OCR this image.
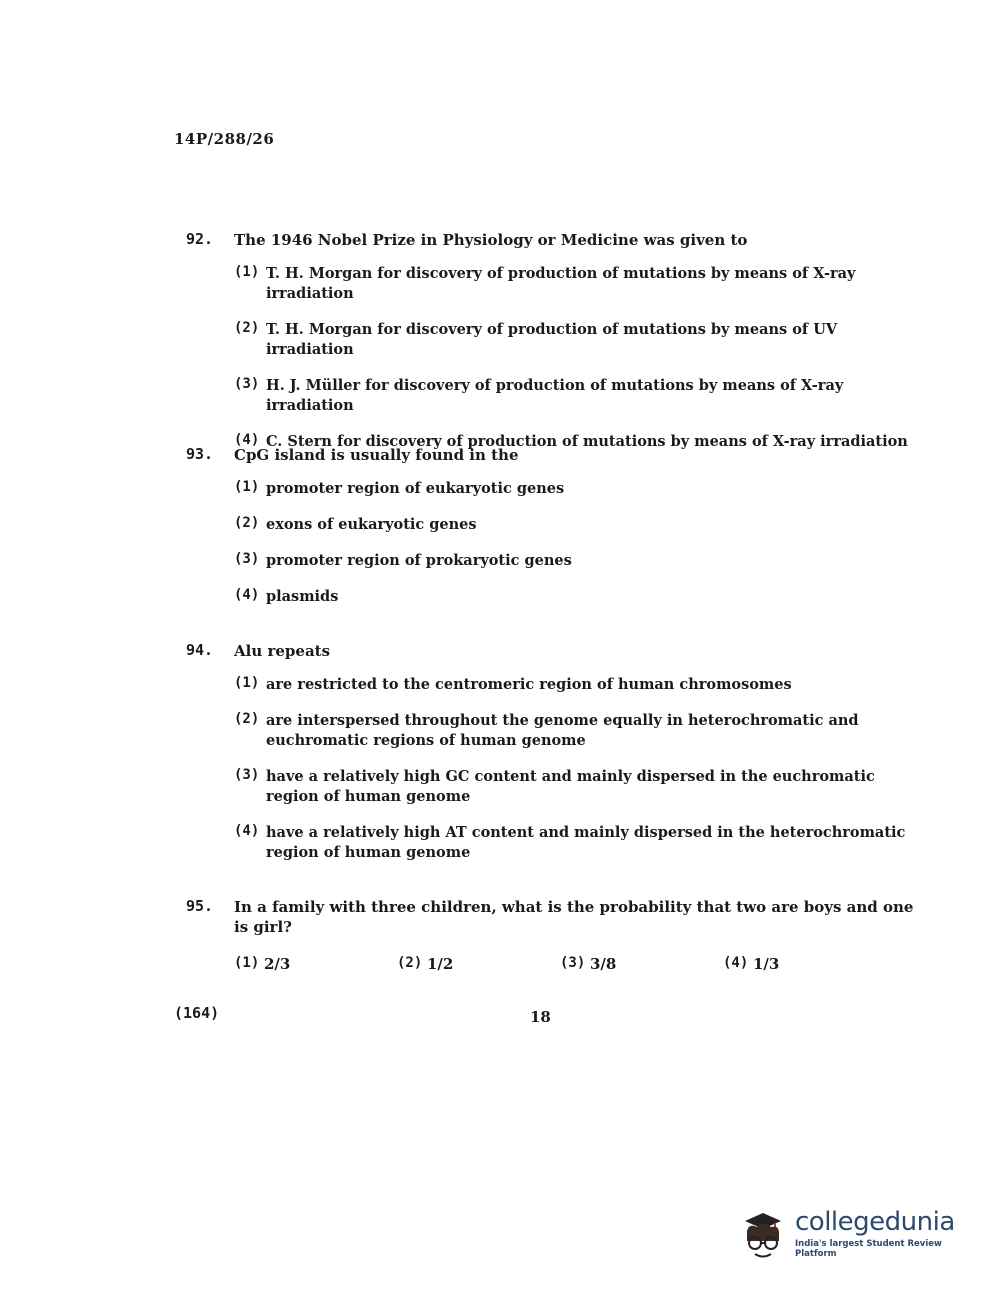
14P/288/26
92.	The 1946 Nobel Prize in Physiology or Medicine was given to
(1) T. H. Morgan for discovery of production of mutations by means of X-ray irradiation
(2) T. H. Morgan for discovery of production of mutations by means of UV irradiation
(3) H. J. Müller for discovery of production of mutations by means of X-ray irradiation
(4) C. Stern for discovery of production of mutations by means of X-ray irradiation
93.	CpG island is usually found in the
(1) promoter region of eukaryotic genes
(2) exons of eukaryotic genes
(3) promoter region of prokaryotic genes
(4) plasmids
94.	Alu repeats
(1) are restricted to the centromeric region of human chromosomes
(2) are interspersed throughout the genome equally in heterochromatic and euchromatic regions of human genome
(3) have a relatively high GC content and mainly dispersed in the euchromatic region of human genome
(4) have a relatively high AT content and mainly dispersed in the heterochromatic region of human genome
95.	In a family with three children, what is the probability that two are boys and one is girl?
(1) 2/3	(2) 1/2	(3) 3/8	(4) 1/3
(164)	18
collegedunia
India's largest Student Review Platform
